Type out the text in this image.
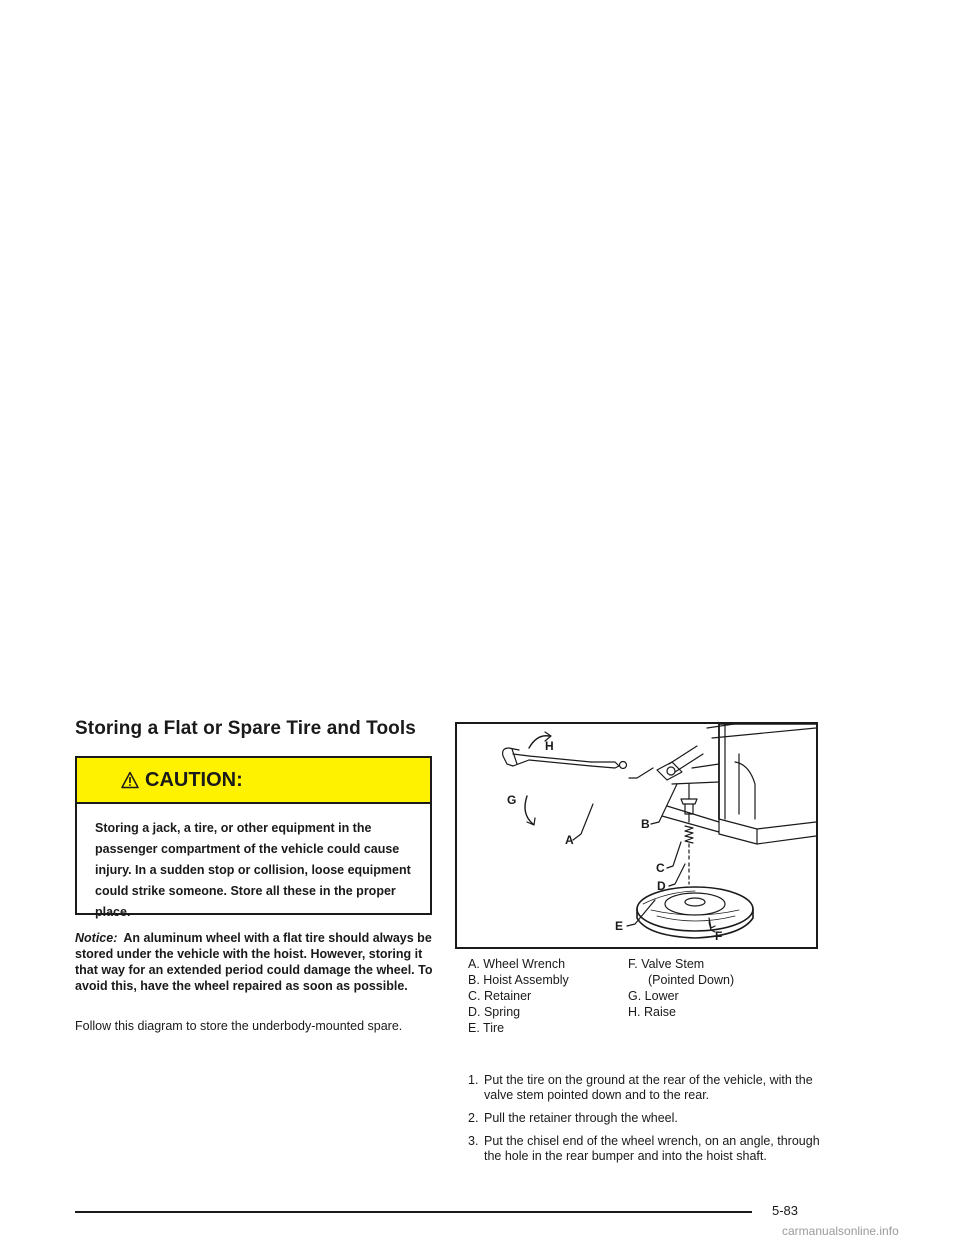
Storing a Flat or Spare Tire and Tools
CAUTION:
Storing a jack, a tire, or other equipment in the passenger compartment of the vehicle could cause injury. In a sudden stop or collision, loose equipment could strike someone. Store all these in the proper place.

Notice: An aluminum wheel with a flat tire should always be stored under the vehicle with the hoist. However, storing it that way for an extended period could damage the wheel. To avoid this, have the wheel repaired as soon as possible.

Follow this diagram to store the underbody-mounted spare.

H
G
A
B
C
D
E
F
A. Wheel Wrench
B. Hoist Assembly
C. Retainer
D. Spring
E. Tire
F. Valve Stem
(Pointed Down)
G. Lower
H. Raise
1. Put the tire on the ground at the rear of the vehicle, with the valve stem pointed down and to the rear.
2. Pull the retainer through the wheel.
3. Put the chisel end of the wheel wrench, on an angle, through the hole in the rear bumper and into the hoist shaft.
5-83
carmanualsonline.info
